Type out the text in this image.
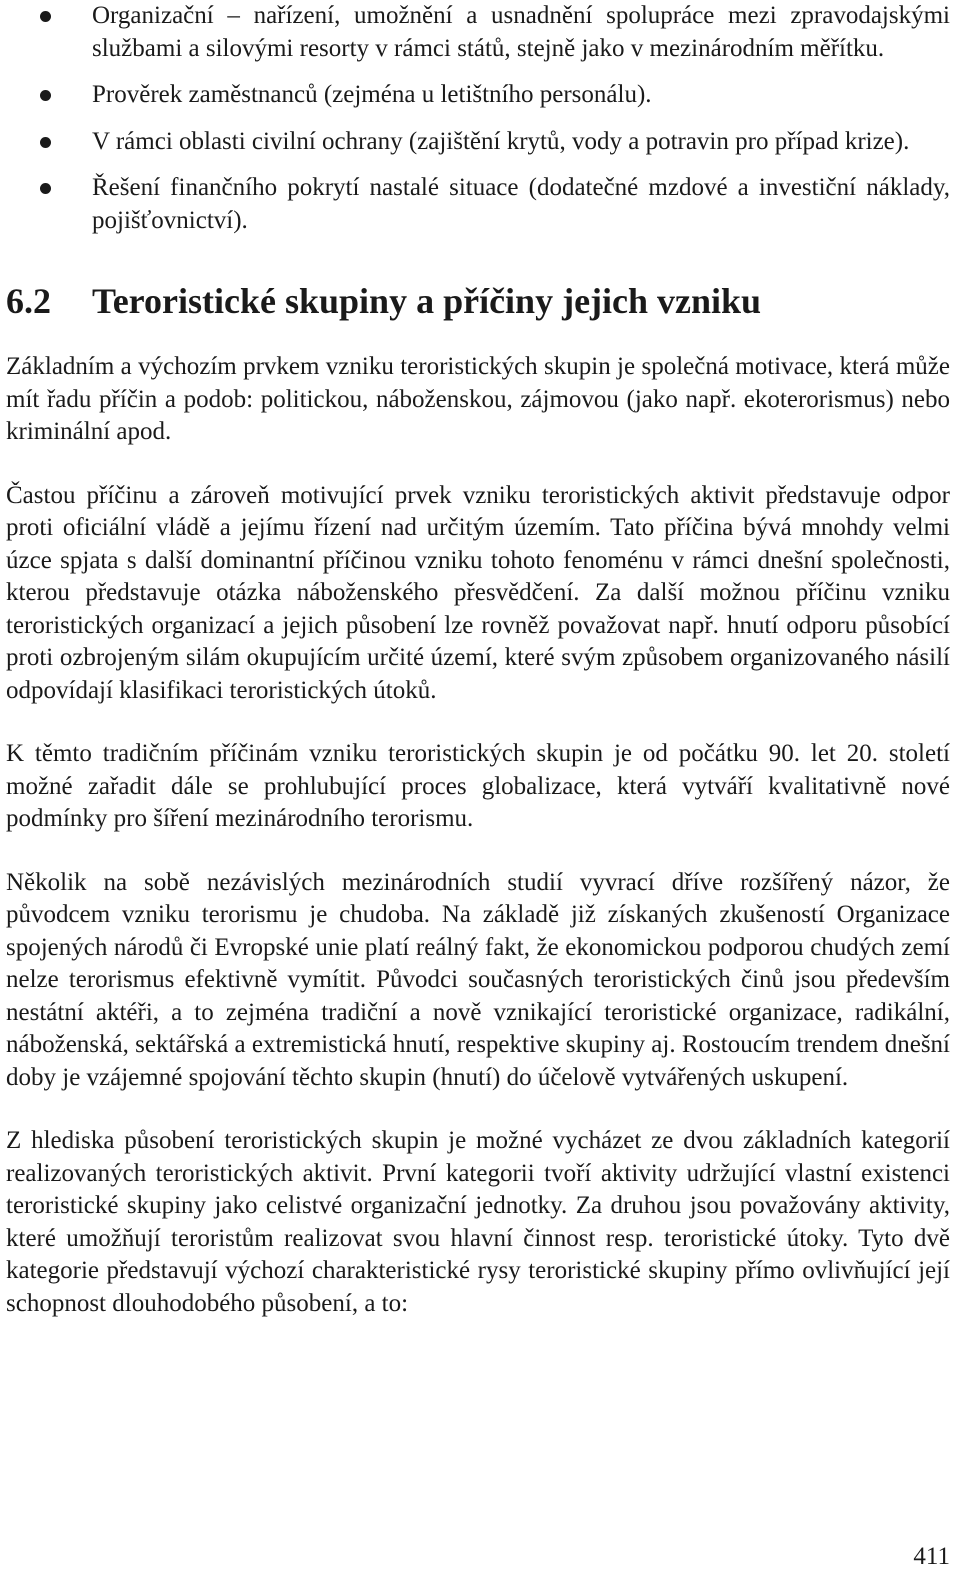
Organizační – nařízení, umožnění a usnadnění spolupráce mezi zpravodajskými službami a silovými resorty v rámci států, stejně jako v mezinárodním měřítku.
Prověrek zaměstnanců (zejména u letištního personálu).
V rámci oblasti civilní ochrany (zajištění krytů, vody a potravin pro případ krize).
Řešení finančního pokrytí nastalé situace (dodatečné mzdové a investiční náklady, pojišťovnictví).
6.2	Teroristické skupiny a příčiny jejich vzniku

Základním a výchozím prvkem vzniku teroristických skupin je společná motivace, která může mít řadu příčin a podob: politickou, náboženskou, zájmovou (jako např. ekoterorismus) nebo kriminální apod.

Častou příčinu a zároveň motivující prvek vzniku teroristických aktivit představuje odpor proti oficiální vládě a jejímu řízení nad určitým územím. Tato příčina bývá mnohdy velmi úzce spjata s další dominantní příčinou vzniku tohoto fenoménu v rámci dnešní společnosti, kterou představuje otázka náboženského přesvědčení. Za další možnou příčinu vzniku teroristických organizací a jejich působení lze rovněž považovat např. hnutí odporu působící proti ozbrojeným silám okupujícím určité území, které svým způsobem organizovaného násilí odpovídají klasifikaci teroristických útoků.

K těmto tradičním příčinám vzniku teroristických skupin je od počátku 90. let 20. století možné zařadit dále se prohlubující proces globalizace, která vytváří kvalitativně nové podmínky pro šíření mezinárodního terorismu.

Několik na sobě nezávislých mezinárodních studií vyvrací dříve rozšířený názor, že původcem vzniku terorismu je chudoba. Na základě již získaných zkušeností Organizace spojených národů či Evropské unie platí reálný fakt, že ekonomickou podporou chudých zemí nelze terorismus efektivně vymítit. Původci současných teroristických činů jsou především nestátní aktéři, a to zejména tradiční a nově vznikající teroristické organizace, radikální, náboženská, sektářská a extremistická hnutí, respektive skupiny aj. Rostoucím trendem dnešní doby je vzájemné spojování těchto skupin (hnutí) do účelově vytvářených uskupení.

Z hlediska působení teroristických skupin je možné vycházet ze dvou základních kategorií realizovaných teroristických aktivit. První kategorii tvoří aktivity udržující vlastní existenci teroristické skupiny jako celistvé organizační jednotky. Za druhou jsou považovány aktivity, které umožňují teroristům realizovat svou hlavní činnost resp. teroristické útoky. Tyto dvě kategorie představují výchozí charakteristické rysy teroristické skupiny přímo ovlivňující její schopnost dlouhodobého působení, a to:

411
